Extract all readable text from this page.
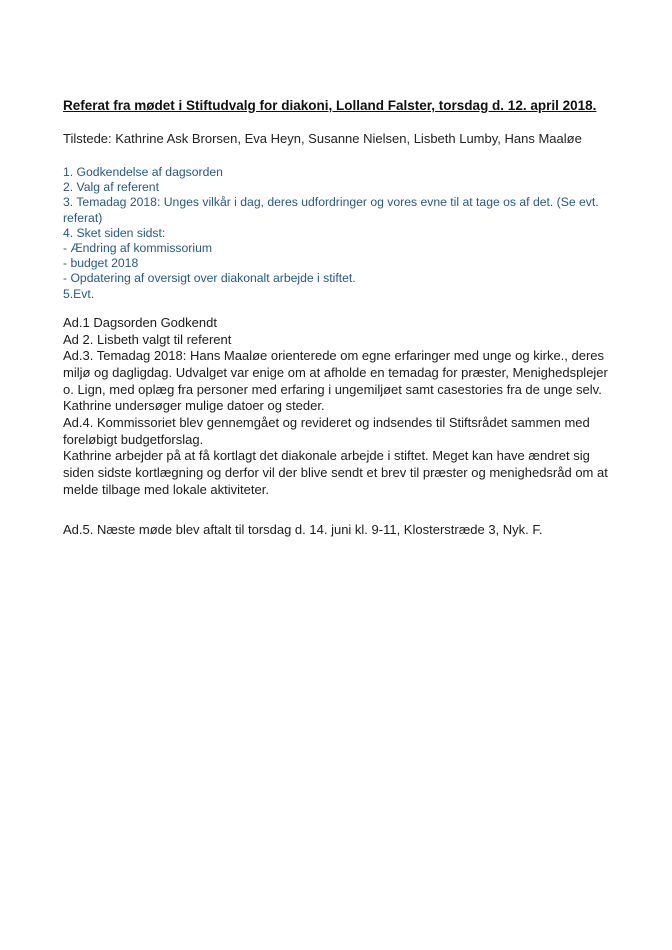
Referat fra mødet i Stiftudvalg for diakoni, Lolland Falster, torsdag d. 12. april 2018.

Tilstede: Kathrine Ask Brorsen, Eva Heyn, Susanne Nielsen, Lisbeth Lumby, Hans Maaløe

1. Godkendelse af dagsorden

2. Valg af referent

3. Temadag 2018: Unges vilkår i dag, deres udfordringer og vores evne til at tage os af det. (Se evt. referat)

4. Sket siden sidst:

- Ændring af kommissorium

- budget 2018

- Opdatering af oversigt over diakonalt arbejde i stiftet.

5.Evt.

Ad.1 Dagsorden Godkendt

Ad 2. Lisbeth valgt til referent

Ad.3. Temadag 2018: Hans Maaløe orienterede om egne erfaringer med unge og kirke., deres miljø og dagligdag. Udvalget var enige om at afholde en temadag for præster, Menighedsplejer o. Lign, med oplæg fra personer med erfaring i ungemiljøet samt casestories fra de unge selv. Kathrine undersøger mulige datoer og steder.

Ad.4. Kommissoriet blev gennemgået og revideret og indsendes til Stiftsrådet sammen med foreløbigt budgetforslag.

Kathrine arbejder på at få kortlagt det diakonale arbejde i stiftet. Meget kan have ændret sig siden sidste kortlægning og derfor vil der blive sendt et brev til præster og menighedsråd om at melde tilbage med lokale aktiviteter.

Ad.5. Næste møde blev aftalt til torsdag d. 14. juni kl. 9-11, Klosterstræde 3, Nyk. F.
